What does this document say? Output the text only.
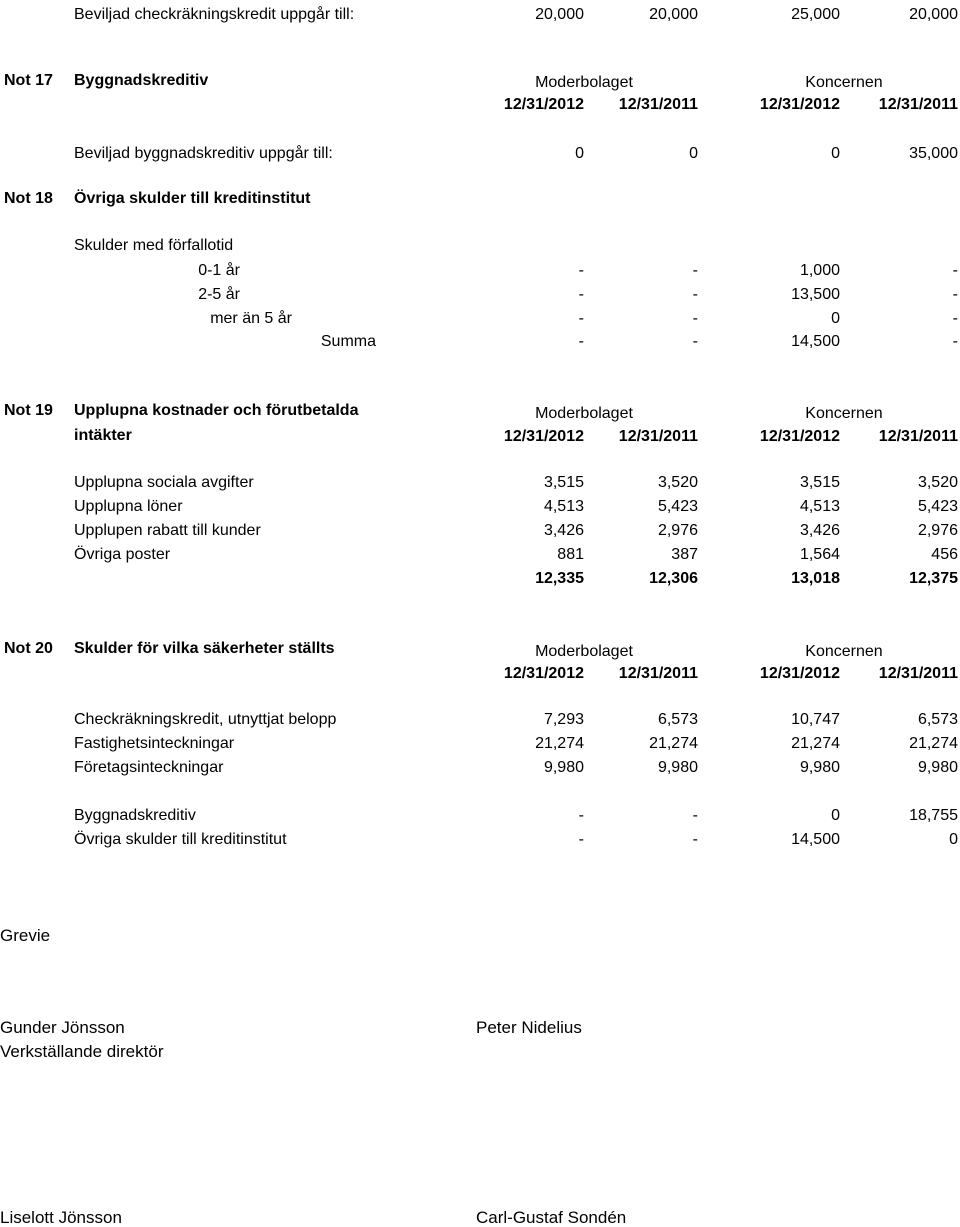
Beviljad checkräkningskredit uppgår till:	20,000	20,000	25,000	20,000
Not 17 Byggnadskreditiv	Moderbolaget	Koncernen
12/31/2012	12/31/2011	12/31/2012	12/31/2011
Beviljad byggnadskreditiv uppgår till:	0	0	0	35,000
Not 18 Övriga skulder till kreditinstitut
Skulder med förfallotid
0-1 år	-	-	1,000	-
2-5 år	-	-	13,500	-
mer än 5 år	-	-	0	-
Summa	-	-	14,500	-
Not 19 Upplupna kostnader och förutbetalda
intäkter
Moderbolaget	Koncernen
12/31/2012	12/31/2011	12/31/2012	12/31/2011
Upplupna sociala avgifter	3,515	3,520	3,515	3,520
Upplupna löner	4,513	5,423	4,513	5,423
Upplupen rabatt till kunder	3,426	2,976	3,426	2,976
Övriga poster	881	387	1,564	456
12,335	12,306	13,018	12,375
Not 20 Skulder för vilka säkerheter ställts	Moderbolaget	Koncernen
12/31/2012	12/31/2011	12/31/2012	12/31/2011
Checkräkningskredit, utnyttjat belopp	7,293	6,573	10,747	6,573
Fastighetsinteckningar	21,274	21,274	21,274	21,274
Företagsinteckningar	9,980	9,980	9,980	9,980
Byggnadskreditiv	-	-	0	18,755
Övriga skulder till kreditinstitut	-	-	14,500	0
Grevie
Gunder Jönsson
Verkställande direktör
Peter Nidelius
Liselott Jönsson	Carl-Gustaf Sondén
